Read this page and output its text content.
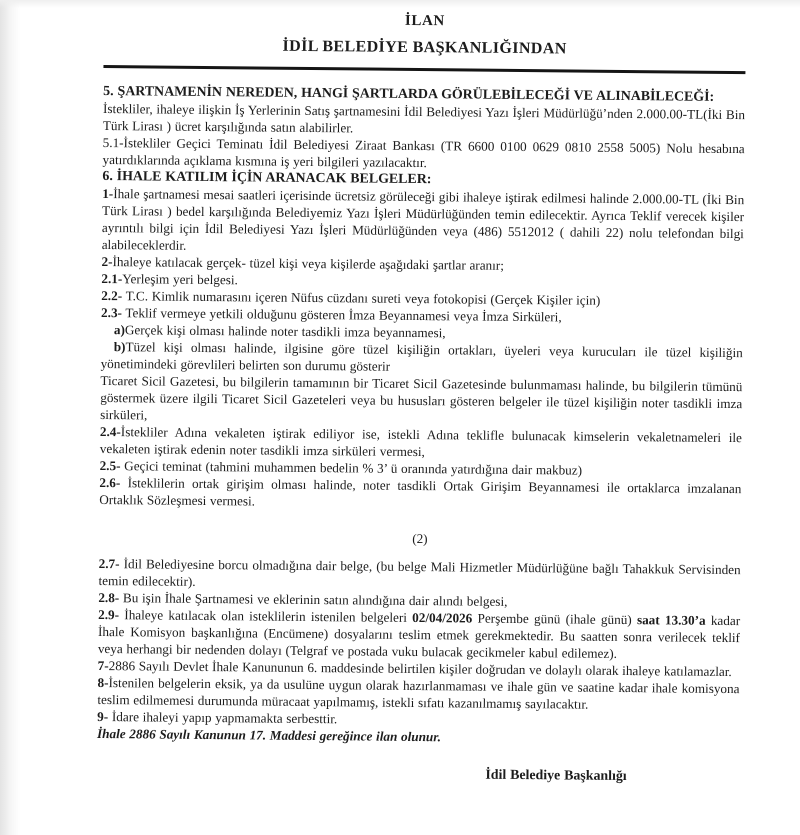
İLAN
İDİL BELEDİYE BAŞKANLIĞINDAN
5. ŞARTNAMENİN NEREDEN, HANGİ ŞARTLARDA GÖRÜLEBİLECEĞİ VE ALINABİLECEĞİ:
İstekliler, ihaleye ilişkin İş Yerlerinin Satış şartnamesini İdil Belediyesi Yazı İşleri Müdürlüğü’nden 2.000.00-TL(İki Bin Türk Lirası ) ücret karşılığında satın alabilirler.
5.1-İstekliler Geçici Teminatı İdil Belediyesi Ziraat Bankası (TR 6600 0100 0629 0810 2558 5005) Nolu hesabına yatırdıklarında açıklama kısmına iş yeri bilgileri yazılacaktır.
6. İHALE KATILIM İÇİN ARANACAK BELGELER:
1-İhale şartnamesi mesai saatleri içerisinde ücretsiz görüleceği gibi ihaleye iştirak edilmesi halinde 2.000.00-TL (İki Bin Türk Lirası ) bedel karşılığında Belediyemiz Yazı İşleri Müdürlüğünden temin edilecektir. Ayrıca Teklif verecek kişiler ayrıntılı bilgi için İdil Belediyesi Yazı İşleri Müdürlüğünden veya (486) 5512012 ( dahili 22) nolu telefondan bilgi alabileceklerdir.
2-İhaleye katılacak gerçek- tüzel kişi veya kişilerde aşağıdaki şartlar aranır;
2.1-Yerleşim yeri belgesi.
2.2- T.C. Kimlik numarasını içeren Nüfus cüzdanı sureti veya fotokopisi (Gerçek Kişiler için)
2.3- Teklif vermeye yetkili olduğunu gösteren İmza Beyannamesi veya İmza Sirküleri,
a)Gerçek kişi olması halinde noter tasdikli imza beyannamesi,
b)Tüzel kişi olması halinde, ilgisine göre tüzel kişiliğin ortakları, üyeleri veya kurucuları ile tüzel kişiliğin yönetimindeki görevlileri belirten son durumu gösterir
Ticaret Sicil Gazetesi, bu bilgilerin tamamının bir Ticaret Sicil Gazetesinde bulunmaması halinde, bu bilgilerin tümünü göstermek üzere ilgili Ticaret Sicil Gazeteleri veya bu hususları gösteren belgeler ile tüzel kişiliğin noter tasdikli imza sirküleri,
2.4-İstekliler Adına vekaleten iştirak ediliyor ise, istekli Adına teklifle bulunacak kimselerin vekaletnameleri ile vekaleten iştirak edenin noter tasdikli imza sirküleri vermesi,
2.5- Geçici teminat (tahmini muhammen bedelin % 3’ ü oranında yatırdığına dair makbuz)
2.6- İsteklilerin ortak girişim olması halinde, noter tasdikli Ortak Girişim Beyannamesi ile ortaklarca imzalanan Ortaklık Sözleşmesi vermesi.
(2)
2.7- İdil Belediyesine borcu olmadığına dair belge, (bu belge Mali Hizmetler Müdürlüğüne bağlı Tahakkuk Servisinden temin edilecektir).
2.8- Bu işin İhale Şartnamesi ve eklerinin satın alındığına dair alındı belgesi,
2.9- İhaleye katılacak olan isteklilerin istenilen belgeleri 02/04/2026 Perşembe günü (ihale günü) saat 13.30’a kadar İhale Komisyon başkanlığına (Encümene) dosyalarını teslim etmek gerekmektedir. Bu saatten sonra verilecek teklif veya herhangi bir nedenden dolayı (Telgraf ve postada vuku bulacak gecikmeler kabul edilemez).
7-2886 Sayılı Devlet İhale Kanununun 6. maddesinde belirtilen kişiler doğrudan ve dolaylı olarak ihaleye katılamazlar.
8-İstenilen belgelerin eksik, ya da usulüne uygun olarak hazırlanmaması ve ihale gün ve saatine kadar ihale komisyona teslim edilmemesi durumunda müracaat yapılmamış, istekli sıfatı kazanılmamış sayılacaktır.
9- İdare ihaleyi yapıp yapmamakta serbesttir.
İhale 2886 Sayılı Kanunun 17. Maddesi gereğince ilan olunur.
İdil Belediye Başkanlığı
